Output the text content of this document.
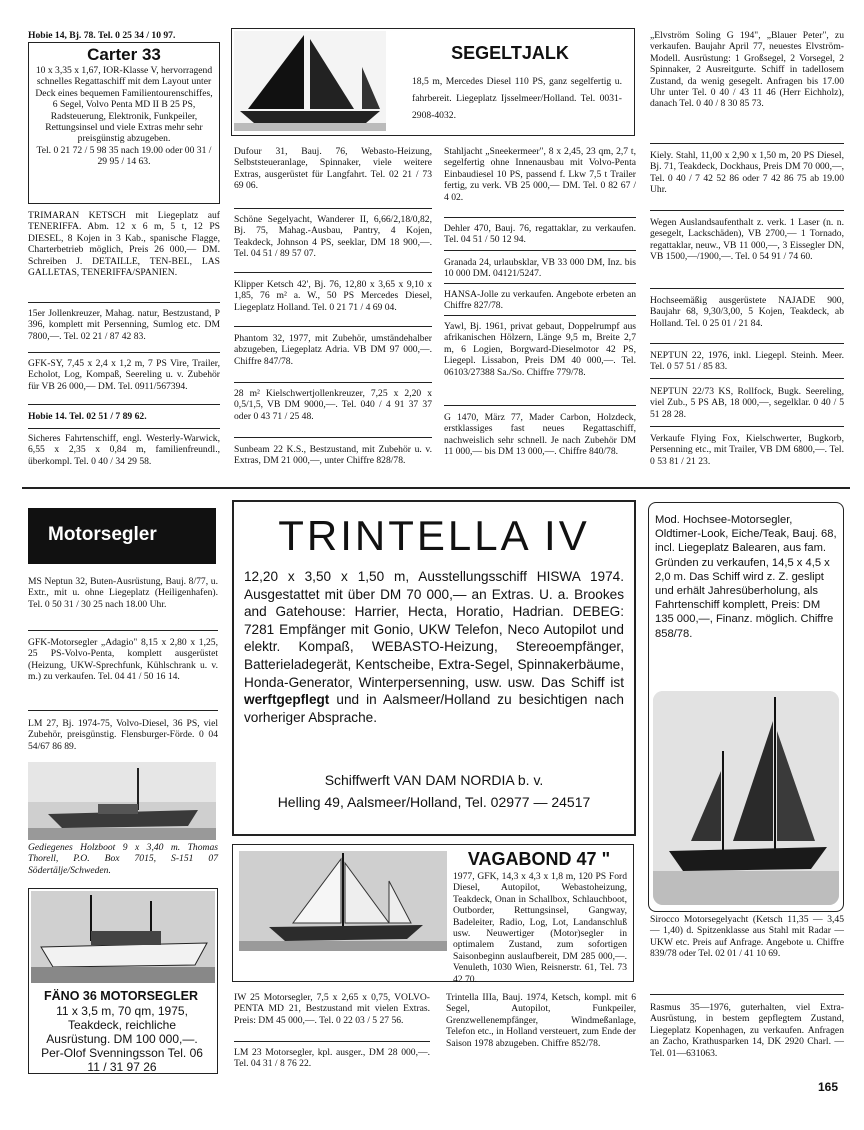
Hobie 14, Bj. 78. Tel. 0 25 34 / 10 97.
Carter 33
10 x 3,35 x 1,67, IOR-Klasse V, hervorragend schnelles Regattaschiff mit dem Layout unter Deck eines bequemen Familientourenschiffes, 6 Segel, Volvo Penta MD II B 25 PS, Radsteuerung, Elektronik, Funkpeiler, Rettungsinsel und viele Extras mehr sehr preisgünstig abzugeben.
Tel. 0 21 72 / 5 98 35 nach 19.00 oder 00 31 / 29 95 / 14 63.
TRIMARAN KETSCH mit Liegeplatz auf TENERIFFA. Abm. 12 x 6 m, 5 t, 12 PS DIESEL, 8 Kojen in 3 Kab., spanische Flagge, Charterbetrieb möglich, Preis 26 000,— DM. Schreiben J. DETAILLE, TEN-BEL, LAS GALLETAS, TENERIFFA/SPANIEN.
15er Jollenkreuzer, Mahag. natur, Bestzustand, P 396, komplett mit Persenning, Sumlog etc. DM 7800,—. Tel. 02 21 / 87 42 83.
GFK-SY, 7,45 x 2,4 x 1,2 m, 7 PS Vire, Trailer, Echolot, Log, Kompaß, Seereling u. v. Zubehör für VB 26 000,— DM. Tel. 0911/567394.
Hobie 14. Tel. 02 51 / 7 89 62.
Sicheres Fahrtenschiff, engl. Westerly-Warwick, 6,55 x 2,35 x 0,84 m, familienfreundl., überkompl. Tel. 0 40 / 34 29 58.
SEGELTJALK
18,5 m, Mercedes Diesel 110 PS, ganz segelfertig u. fahrbereit. Liegeplatz Ijsselmeer/Holland. Tel. 0031-2908-4032.
Dufour 31, Bauj. 76, Webasto-Heizung, Selbststeueranlage, Spinnaker, viele weitere Extras, ausgerüstet für Langfahrt. Tel. 02 21 / 73 69 06.
Schöne Segelyacht, Wanderer II, 6,66/2,18/0,82, Bj. 75, Mahag.-Ausbau, Pantry, 4 Kojen, Teakdeck, Johnson 4 PS, seeklar, DM 18 900,—. Tel. 04 51 / 89 57 07.
Klipper Ketsch 42', Bj. 76, 12,80 x 3,65 x 9,10 x 1,85, 76 m² a. W., 50 PS Mercedes Diesel, Liegeplatz Holland. Tel. 0 21 71 / 4 69 04.
Phantom 32, 1977, mit Zubehör, umständehalber abzugeben, Liegeplatz Adria. VB DM 97 000,—. Chiffre 847/78.
28 m² Kielschwertjollenkreuzer, 7,25 x 2,20 x 0,5/1,5, VB DM 9000,—. Tel. 040 / 4 91 37 37 oder 0 43 71 / 25 48.
Sunbeam 22 K.S., Bestzustand, mit Zubehör u. v. Extras, DM 21 000,—, unter Chiffre 828/78.
Stahljacht „Sneekermeer", 8 x 2,45, 23 qm, 2,7 t, segelfertig ohne Innenausbau mit Volvo-Penta Einbaudiesel 10 PS, passend f. Lkw 7,5 t Trailer fertig, zu verk. VB 25 000,— DM. Tel. 0 82 67 / 4 02.
Dehler 470, Bauj. 76, regattaklar, zu verkaufen. Tel. 04 51 / 50 12 94.
Granada 24, urlaubsklar, VB 33 000 DM, Inz. bis 10 000 DM. 04121/5247.
HANSA-Jolle zu verkaufen. Angebote erbeten an Chiffre 827/78.
Yawl, Bj. 1961, privat gebaut, Doppelrumpf aus afrikanischen Hölzern, Länge 9,5 m, Breite 2,7 m, 6 Logien, Borgward-Dieselmotor 42 PS, Liegepl. Lissabon, Preis DM 40 000,—. Tel. 06103/27388 Sa./So. Chiffre 779/78.
G 1470, März 77, Mader Carbon, Holzdeck, erstklassiges fast neues Regattaschiff, nachweislich sehr schnell. Je nach Zubehör DM 11 000,— bis DM 13 000,—. Chiffre 840/78.
„Elvström Soling G 194", „Blauer Peter", zu verkaufen. Baujahr April 77, neuestes Elvström-Modell. Ausrüstung: 1 Großsegel, 2 Vorsegel, 2 Spinnaker, 2 Ausreitgurte. Schiff in tadellosem Zustand, da wenig gesegelt. Anfragen bis 17.00 Uhr unter Tel. 0 40 / 43 11 46 (Herr Eichholz), danach Tel. 0 40 / 8 30 85 73.
Kiely. Stahl, 11,00 x 2,90 x 1,50 m, 20 PS Diesel, Bj. 71, Teakdeck, Dockhaus, Preis DM 70 000,—, Tel. 0 40 / 7 42 52 86 oder 7 42 86 75 ab 19.00 Uhr.
Wegen Auslandsaufenthalt z. verk. 1 Laser (n. n. gesegelt, Lackschäden), VB 2700,— 1 Tornado, regattaklar, neuw., VB 11 000,—, 3 Eissegler DN, VB 1500,—/1900,—. Tel. 0 54 91 / 74 60.
Hochseemäßig ausgerüstete NAJADE 900, Baujahr 68, 9,30/3,00, 5 Kojen, Teakdeck, ab Holland. Tel. 0 25 01 / 21 84.
NEPTUN 22, 1976, inkl. Liegepl. Steinh. Meer. Tel. 0 57 51 / 85 83.
NEPTUN 22/73 KS, Rollfock, Bugk. Seereling, viel Zub., 5 PS AB, 18 000,—, segelklar. 0 40 / 5 51 28 28.
Verkaufe Flying Fox, Kielschwerter, Bugkorb, Persenning etc., mit Trailer, VB DM 6800,—. Tel. 0 53 81 / 21 23.
Motorsegler
MS Neptun 32, Buten-Ausrüstung, Bauj. 8/77, u. Extr., mit u. ohne Liegeplatz (Heiligenhafen). Tel. 0 50 31 / 30 25 nach 18.00 Uhr.
GFK-Motorsegler „Adagio" 8,15 x 2,80 x 1,25, 25 PS-Volvo-Penta, komplett ausgerüstet (Heizung, UKW-Sprechfunk, Kühlschrank u. v. m.) zu verkaufen. Tel. 04 41 / 50 16 14.
LM 27, Bj. 1974-75, Volvo-Diesel, 36 PS, viel Zubehör, preisgünstig. Flensburger-Förde. 0 04 54/67 86 89.
Gediegenes Holzboot 9 x 3,40 m. Thomas Thorell, P.O. Box 7015, S-151 07 Södertälje/Schweden.
FÄNO 36 MOTORSEGLER
11 x 3,5 m, 70 qm, 1975, Teakdeck, reichliche Ausrüstung. DM 100 000,—. Per-Olof Svenningsson Tel. 06 11 / 31 97 26
TRINTELLA IV
12,20 x 3,50 x 1,50 m, Ausstellungsschiff HISWA 1974. Ausgestattet mit über DM 70 000,— an Extras. U. a. Brookes and Gatehouse: Harrier, Hecta, Horatio, Hadrian. DEBEG: 7281 Empfänger mit Gonio, UKW Telefon, Neco Autopilot und elektr. Kompaß, WEBASTO-Heizung, Stereoempfänger, Batterieladegerät, Kentscheibe, Extra-Segel, Spinnakerbäume, Honda-Generator, Winterpersenning, usw. usw. Das Schiff ist werftgepflegt und in Aalsmeer/Holland zu besichtigen nach vorheriger Absprache.
Schiffwerft VAN DAM NORDIA b. v.
Helling 49, Aalsmeer/Holland, Tel. 02977 — 24517
Mod. Hochsee-Motorsegler, Oldtimer-Look, Eiche/Teak, Bauj. 68, incl. Liegeplatz Balearen, aus fam. Gründen zu verkaufen, 14,5 x 4,5 x 2,0 m. Das Schiff wird z. Z. geslipt und erhält Jahresüberholung, als Fahrtenschiff komplett, Preis: DM 135 000,—, Finanz. möglich. Chiffre 858/78.
VAGABOND 47 "
1977, GFK, 14,3 x 4,3 x 1,8 m, 120 PS Ford Diesel, Autopilot, Webastoheizung, Teakdeck, Onan in Schallbox, Schlauchboot, Outborder, Rettungsinsel, Gangway, Badeleiter, Radio, Log, Lot, Landanschluß usw. Neuwertiger (Motor)segler in optimalem Zustand, zum sofortigen Saisonbeginn auslaufbereit, DM 285 000,—. Venuleth, 1030 Wien, Reisnerstr. 61, Tel. 73 42 70.
IW 25 Motorsegler, 7,5 x 2,65 x 0,75, VOLVO-PENTA MD 21, Bestzustand mit vielen Extras. Preis: DM 45 000,—. Tel. 0 22 03 / 5 27 56.
LM 23 Motorsegler, kpl. ausger., DM 28 000,—. Tel. 04 31 / 8 76 22.
Trintella IIIa, Bauj. 1974, Ketsch, kompl. mit 6 Segel, Autopilot, Funkpeiler, Grenzwellenempfänger, Windmeßanlage, Telefon etc., in Holland versteuert, zum Ende der Saison 1978 abzugeben. Chiffre 852/78.
Sirocco Motorsegelyacht (Ketsch 11,35 — 3,45 — 1,40) d. Spitzenklasse aus Stahl mit Radar — UKW etc. Preis auf Anfrage. Angebote u. Chiffre 839/78 oder Tel. 02 01 / 41 10 69.
Rasmus 35—1976, guterhalten, viel Extra-Ausrüstung, in bestem gepflegtem Zustand, Liegeplatz Kopenhagen, zu verkaufen. Anfragen an Zacho, Krathusparken 14, DK 2920 Charl. — Tel. 01—631063.
165
